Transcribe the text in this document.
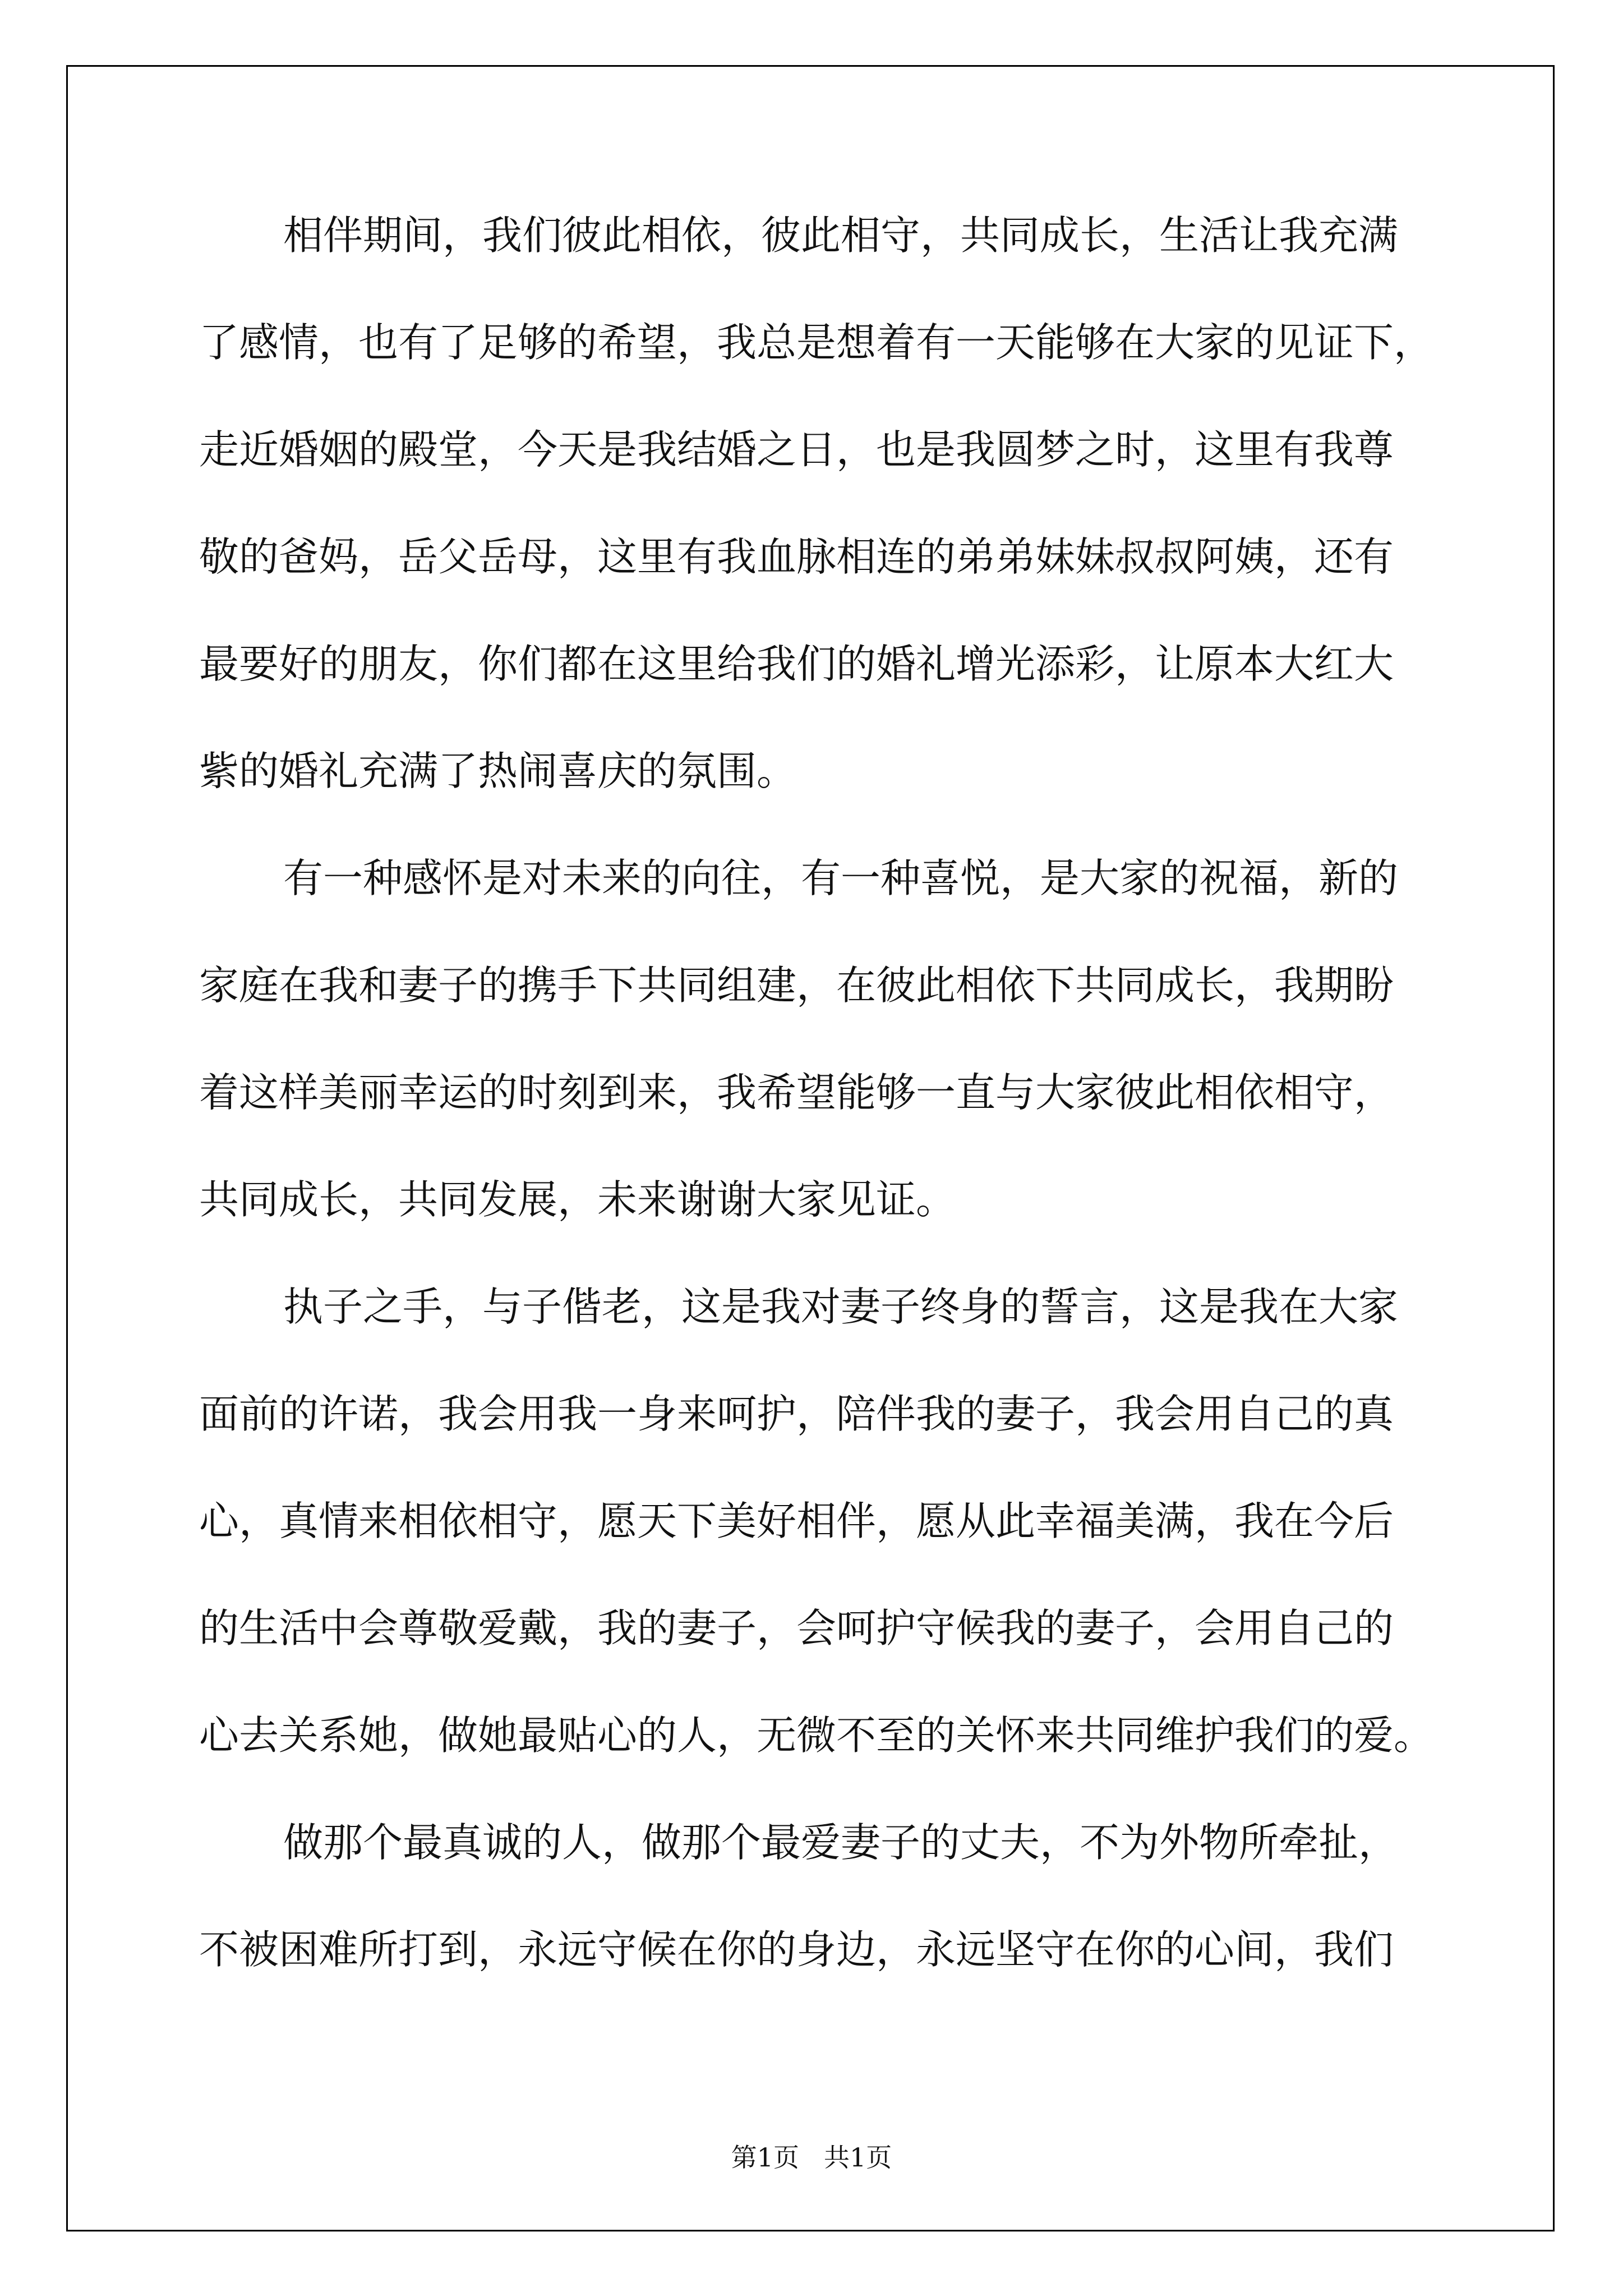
相伴期间，我们彼此相依，彼此相守，共同成长，生活让我充满
了感情，也有了足够的希望，我总是想着有一天能够在大家的见证下，
走近婚姻的殿堂，今天是我结婚之日，也是我圆梦之时，这里有我尊
敬的爸妈，岳父岳母，这里有我血脉相连的弟弟妹妹叔叔阿姨，还有
最要好的朋友，你们都在这里给我们的婚礼增光添彩，让原本大红大
紫的婚礼充满了热闹喜庆的氛围。
有一种感怀是对未来的向往，有一种喜悦，是大家的祝福，新的
家庭在我和妻子的携手下共同组建，在彼此相依下共同成长，我期盼
着这样美丽幸运的时刻到来，我希望能够一直与大家彼此相依相守，
共同成长，共同发展，未来谢谢大家见证。
执子之手，与子偕老，这是我对妻子终身的誓言，这是我在大家
面前的许诺，我会用我一身来呵护，陪伴我的妻子，我会用自己的真
心，真情来相依相守，愿天下美好相伴，愿从此幸福美满，我在今后
的生活中会尊敬爱戴，我的妻子，会呵护守候我的妻子，会用自己的
心去关系她，做她最贴心的人，无微不至的关怀来共同维护我们的爱。
做那个最真诚的人，做那个最爱妻子的丈夫，不为外物所牵扯，
不被困难所打到，永远守候在你的身边，永远坚守在你的心间，我们
第1页 共1页
